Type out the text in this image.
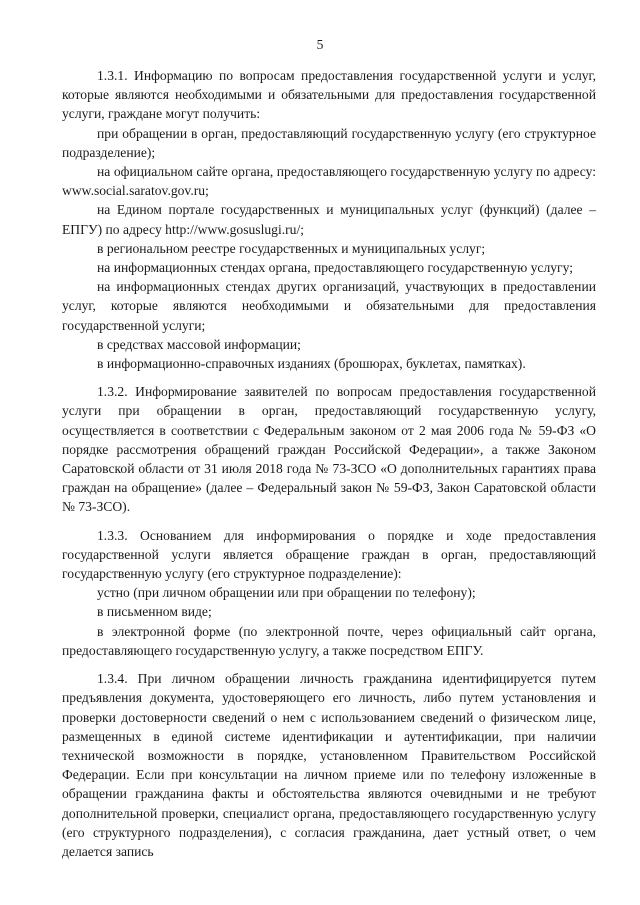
5

1.3.1. Информацию по вопросам предоставления государственной услуги и услуг, которые являются необходимыми и обязательными для предоставления государственной услуги, граждане могут получить:

при обращении в орган, предоставляющий государственную услугу (его структурное подразделение);

на официальном сайте органа, предоставляющего государственную услугу по адресу: www.social.saratov.gov.ru;

на Едином портале государственных и муниципальных услуг (функций) (далее – ЕПГУ) по адресу http://www.gosuslugi.ru/;

в региональном реестре государственных и муниципальных услуг;

на информационных стендах органа, предоставляющего государственную услугу;

на информационных стендах других организаций, участвующих в предоставлении услуг, которые являются необходимыми и обязательными для предоставления государственной услуги;

в средствах массовой информации;

в информационно-справочных изданиях (брошюрах, буклетах, памятках).

1.3.2. Информирование заявителей по вопросам предоставления государственной услуги при обращении в орган, предоставляющий государственную услугу, осуществляется в соответствии с Федеральным законом от 2 мая 2006 года № 59-ФЗ «О порядке рассмотрения обращений граждан Российской Федерации», а также Законом Саратовской области от 31 июля 2018 года № 73-ЗСО «О дополнительных гарантиях права граждан на обращение» (далее – Федеральный закон № 59-ФЗ, Закон Саратовской области № 73-ЗСО).

1.3.3. Основанием для информирования о порядке и ходе предоставления государственной услуги является обращение граждан в орган, предоставляющий государственную услугу (его структурное подразделение):

устно (при личном обращении или при обращении по телефону);

в письменном виде;

в электронной форме (по электронной почте, через официальный сайт органа, предоставляющего государственную услугу, а также посредством ЕПГУ.

1.3.4. При личном обращении личность гражданина идентифицируется путем предъявления документа, удостоверяющего его личность, либо путем установления и проверки достоверности сведений о нем с использованием сведений о физическом лице, размещенных в единой системе идентификации и аутентификации, при наличии технической возможности в порядке, установленном Правительством Российской Федерации. Если при консультации на личном приеме или по телефону изложенные в обращении гражданина факты и обстоятельства являются очевидными и не требуют дополнительной проверки, специалист органа, предоставляющего государственную услугу (его структурного подразделения), с согласия гражданина, дает устный ответ, о чем делается запись
